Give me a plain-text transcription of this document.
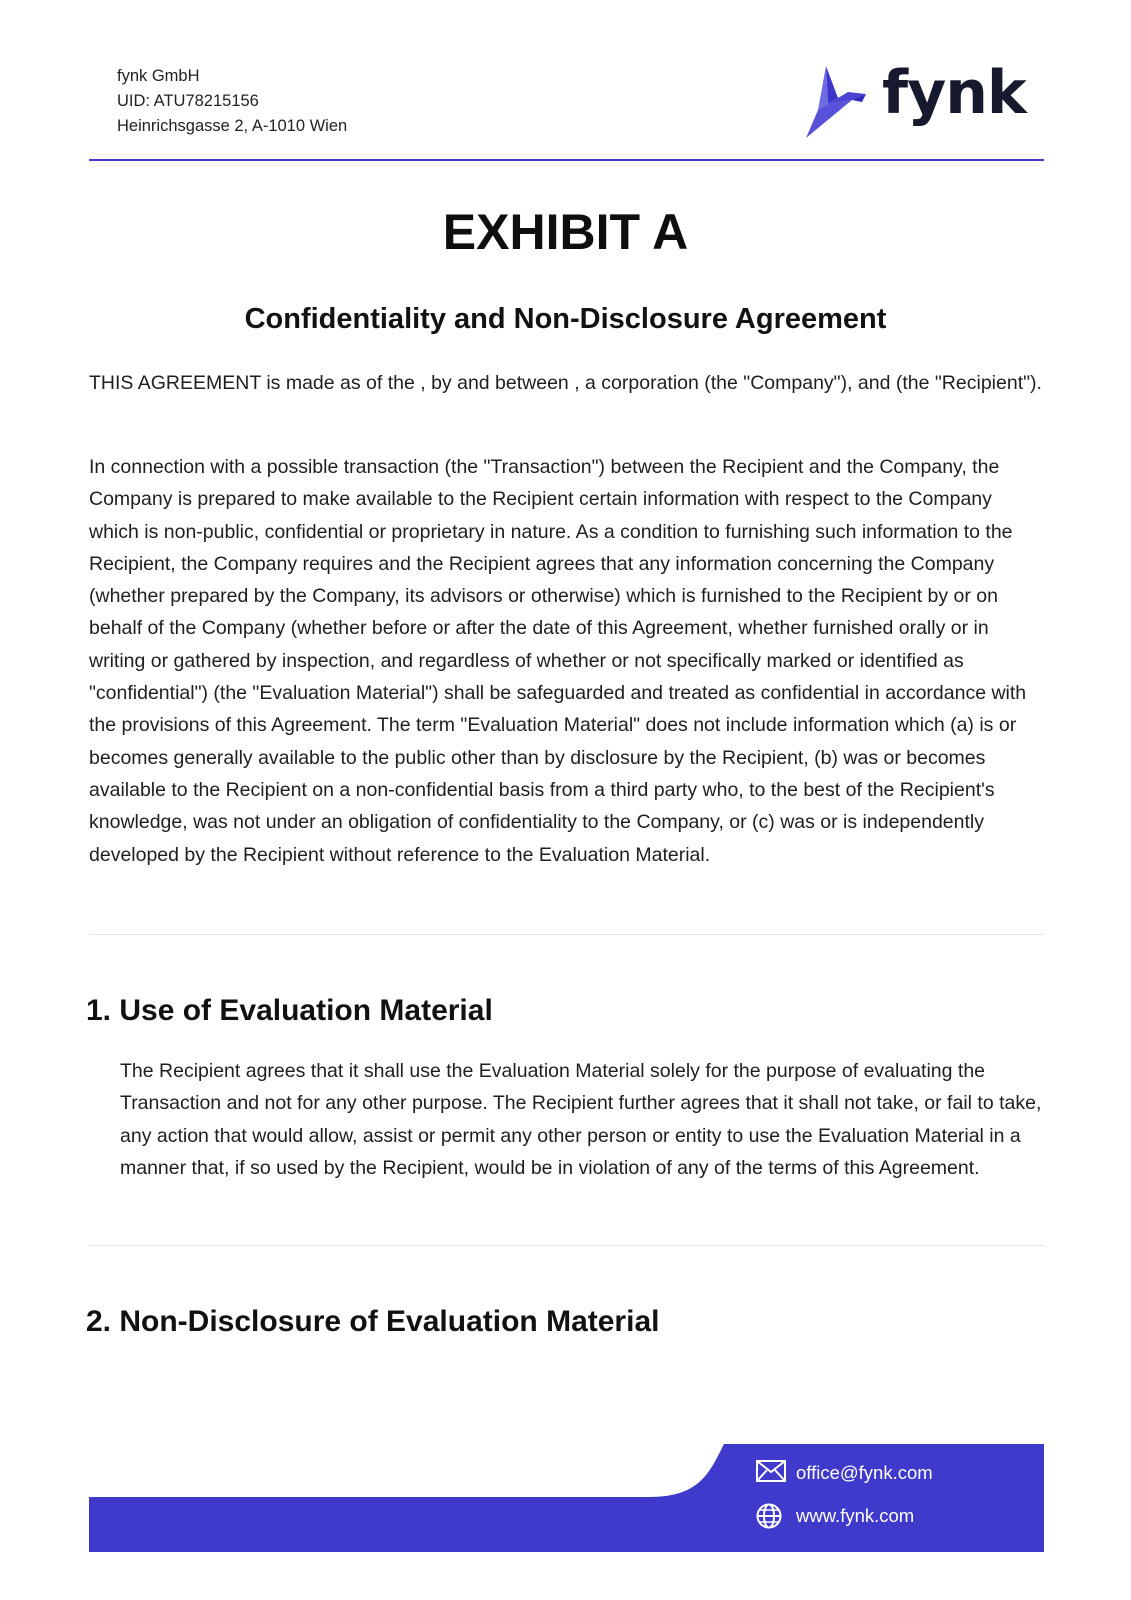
fynk GmbH
UID: ATU78215156
Heinrichsgasse 2, A-1010 Wien	fynk
EXHIBIT A
Confidentiality and Non-Disclosure Agreement

THIS AGREEMENT is made as of the , by and between , a corporation (the "Company"), and (the "Recipient").

In connection with a possible transaction (the "Transaction") between the Recipient and the Company, the Company is prepared to make available to the Recipient certain information with respect to the Company which is non-public, confidential or proprietary in nature. As a condition to furnishing such information to the Recipient, the Company requires and the Recipient agrees that any information concerning the Company (whether prepared by the Company, its advisors or otherwise) which is furnished to the Recipient by or on behalf of the Company (whether before or after the date of this Agreement, whether furnished orally or in writing or gathered by inspection, and regardless of whether or not specifically marked or identified as "confidential") (the "Evaluation Material") shall be safeguarded and treated as confidential in accordance with the provisions of this Agreement. The term "Evaluation Material" does not include information which (a) is or becomes generally available to the public other than by disclosure by the Recipient, (b) was or becomes available to the Recipient on a non-confidential basis from a third party who, to the best of the Recipient's knowledge, was not under an obligation of confidentiality to the Company, or (c) was or is independently developed by the Recipient without reference to the Evaluation Material.

1. Use of Evaluation Material

The Recipient agrees that it shall use the Evaluation Material solely for the purpose of evaluating the Transaction and not for any other purpose. The Recipient further agrees that it shall not take, or fail to take, any action that would allow, assist or permit any other person or entity to use the Evaluation Material in a manner that, if so used by the Recipient, would be in violation of any of the terms of this Agreement.

2. Non-Disclosure of Evaluation Material
office@fynk.com
www.fynk.com
